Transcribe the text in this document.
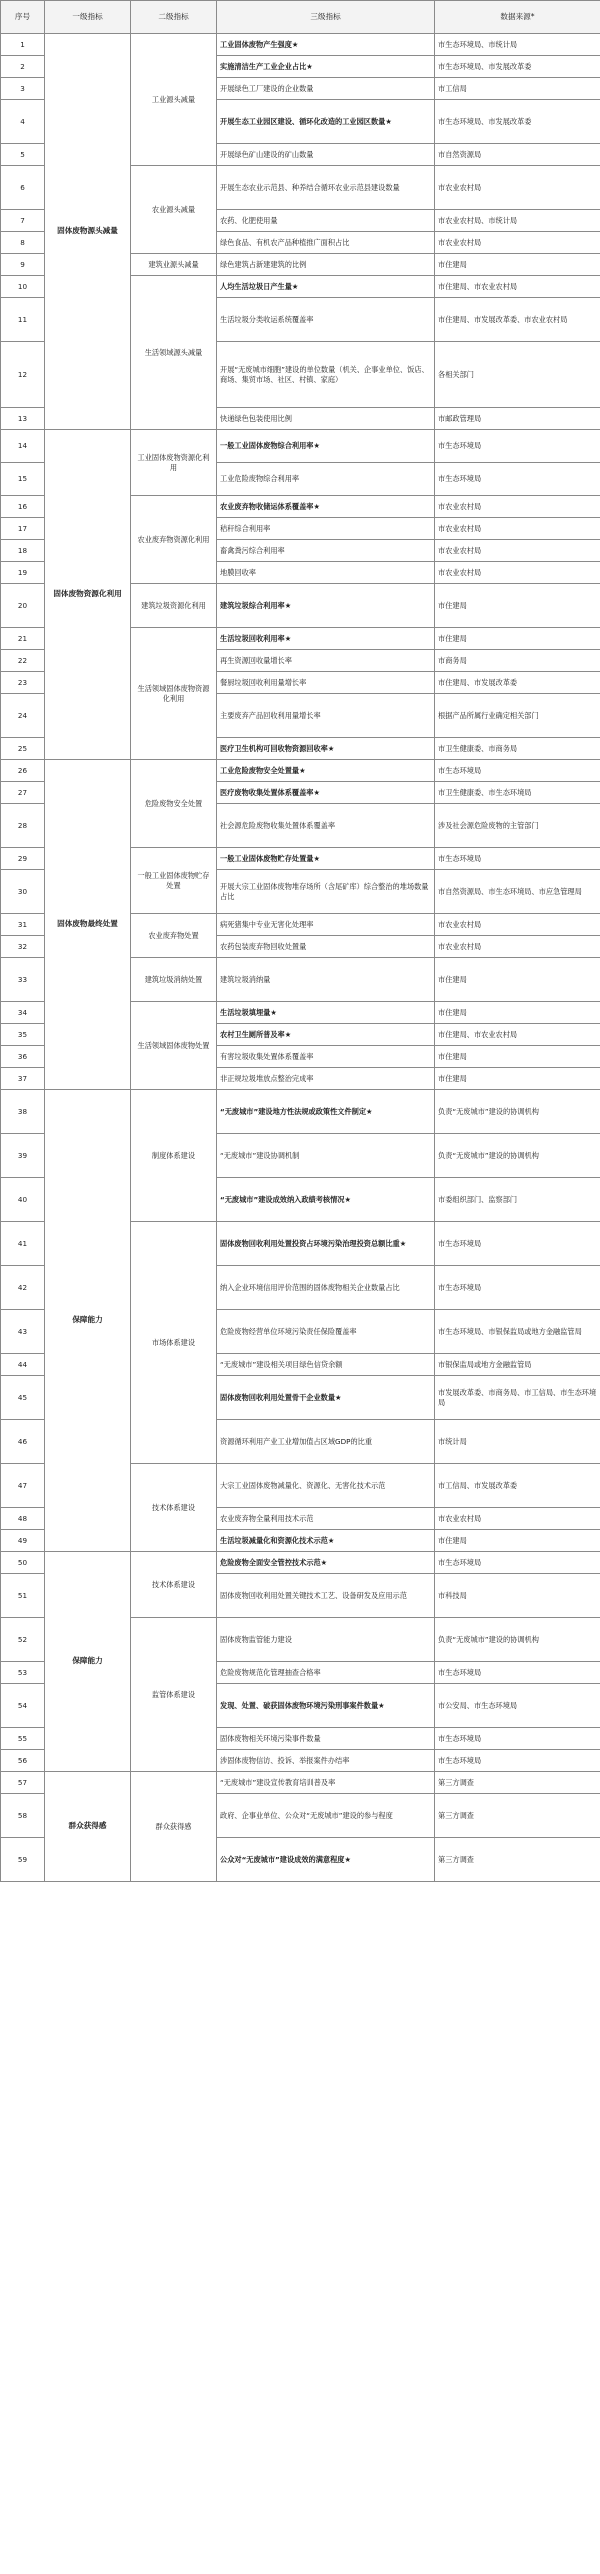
序号	一级指标	二级指标	三级指标	数据来源*
1	固体废物源头减量	工业源头减量	工业固体废物产生强度★	市生态环境局、市统计局
2			实施清洁生产工业企业占比★	市生态环境局、市发展改革委
3			开展绿色工厂建设的企业数量	市工信局
4			开展生态工业园区建设、循环化改造的工业园区数量★	市生态环境局、市发展改革委
5			开展绿色矿山建设的矿山数量	市自然资源局
6		农业源头减量	开展生态农业示范县、种养结合循环农业示范县建设数量	市农业农村局
7			农药、化肥使用量	市农业农村局、市统计局
8			绿色食品、有机农产品种植推广面积占比	市农业农村局
9		建筑业源头减量	绿色建筑占新建建筑的比例	市住建局
10		生活领域源头减量	人均生活垃圾日产生量★	市住建局、市农业农村局
11			生活垃圾分类收运系统覆盖率	市住建局、市发展改革委、市农业农村局
12			开展“无废城市细胞”建设的单位数量（机关、企事业单位、饭店、商场、集贸市场、社区、村镇、家庭）	各相关部门
13			快递绿色包装使用比例	市邮政管理局
14	固体废物资源化利用	工业固体废物资源化利用	一般工业固体废物综合利用率★	市生态环境局
15			工业危险废物综合利用率	市生态环境局
16		农业废弃物资源化利用	农业废弃物收储运体系覆盖率★	市农业农村局
17			秸秆综合利用率	市农业农村局
18			畜禽粪污综合利用率	市农业农村局
19			地膜回收率	市农业农村局
20		建筑垃圾资源化利用	建筑垃圾综合利用率★	市住建局
21		生活领域固体废物资源化利用	生活垃圾回收利用率★	市住建局
22			再生资源回收量增长率	市商务局
23			餐厨垃圾回收利用量增长率	市住建局、市发展改革委
24			主要废弃产品回收利用量增长率	根据产品所属行业确定相关部门
25			医疗卫生机构可回收物资源回收率★	市卫生健康委、市商务局
26	固体废物最终处置	危险废物安全处置	工业危险废物安全处置量★	市生态环境局
27			医疗废物收集处置体系覆盖率★	市卫生健康委、市生态环境局
28			社会源危险废物收集处置体系覆盖率	涉及社会源危险废物的主管部门
29		一般工业固体废物贮存处置	一般工业固体废物贮存处置量★	市生态环境局
30			开展大宗工业固体废物堆存场所（含尾矿库）综合整治的堆场数量占比	市自然资源局、市生态环境局、市应急管理局
31		农业废弃物处置	病死猪集中专业无害化处理率	市农业农村局
32			农药包装废弃物回收处置量	市农业农村局
33		建筑垃圾消纳处置	建筑垃圾消纳量	市住建局
34		生活领域固体废物处置	生活垃圾填埋量★	市住建局
35			农村卫生厕所普及率★	市住建局、市农业农村局
36			有害垃圾收集处置体系覆盖率	市住建局
37			非正规垃圾堆放点整治完成率	市住建局
38	保障能力	制度体系建设	“无废城市”建设地方性法规或政策性文件制定★	负责“无废城市”建设的协调机构
39			“无废城市”建设协调机制	负责“无废城市”建设的协调机构
40			“无废城市”建设成效纳入政绩考核情况★	市委组织部门、监察部门
41		市场体系建设	固体废物回收利用处置投资占环境污染治理投资总额比重★	市生态环境局
42			纳入企业环境信用评价范围的固体废物相关企业数量占比	市生态环境局
43			危险废物经营单位环境污染责任保险覆盖率	市生态环境局、市银保监局或地方金融监管局
44			“无废城市”建设相关项目绿色信贷余额	市银保监局或地方金融监管局
45			固体废物回收利用处置骨干企业数量★	市发展改革委、市商务局、市工信局、市生态环境局
46			资源循环利用产业工业增加值占区域GDP的比重	市统计局
47		技术体系建设	大宗工业固体废物减量化、资源化、无害化技术示范	市工信局、市发展改革委
48			农业废弃物全量利用技术示范	市农业农村局
49			生活垃圾减量化和资源化技术示范★	市住建局
50	保障能力	技术体系建设	危险废物全面安全管控技术示范★	市生态环境局
51			固体废物回收利用处置关键技术工艺、设备研发及应用示范	市科技局
52		监管体系建设	固体废物监管能力建设	负责“无废城市”建设的协调机构
53			危险废物规范化管理抽查合格率	市生态环境局
54			发现、处置、破获固体废物环境污染刑事案件数量★	市公安局、市生态环境局
55			固体废物相关环境污染事件数量	市生态环境局
56			涉固体废物信访、投诉、举报案件办结率	市生态环境局
57	群众获得感	群众获得感	“无废城市”建设宣传教育培训普及率	第三方调查
58			政府、企事业单位、公众对“无废城市”建设的参与程度	第三方调查
59			公众对“无废城市”建设成效的满意程度★	第三方调查
